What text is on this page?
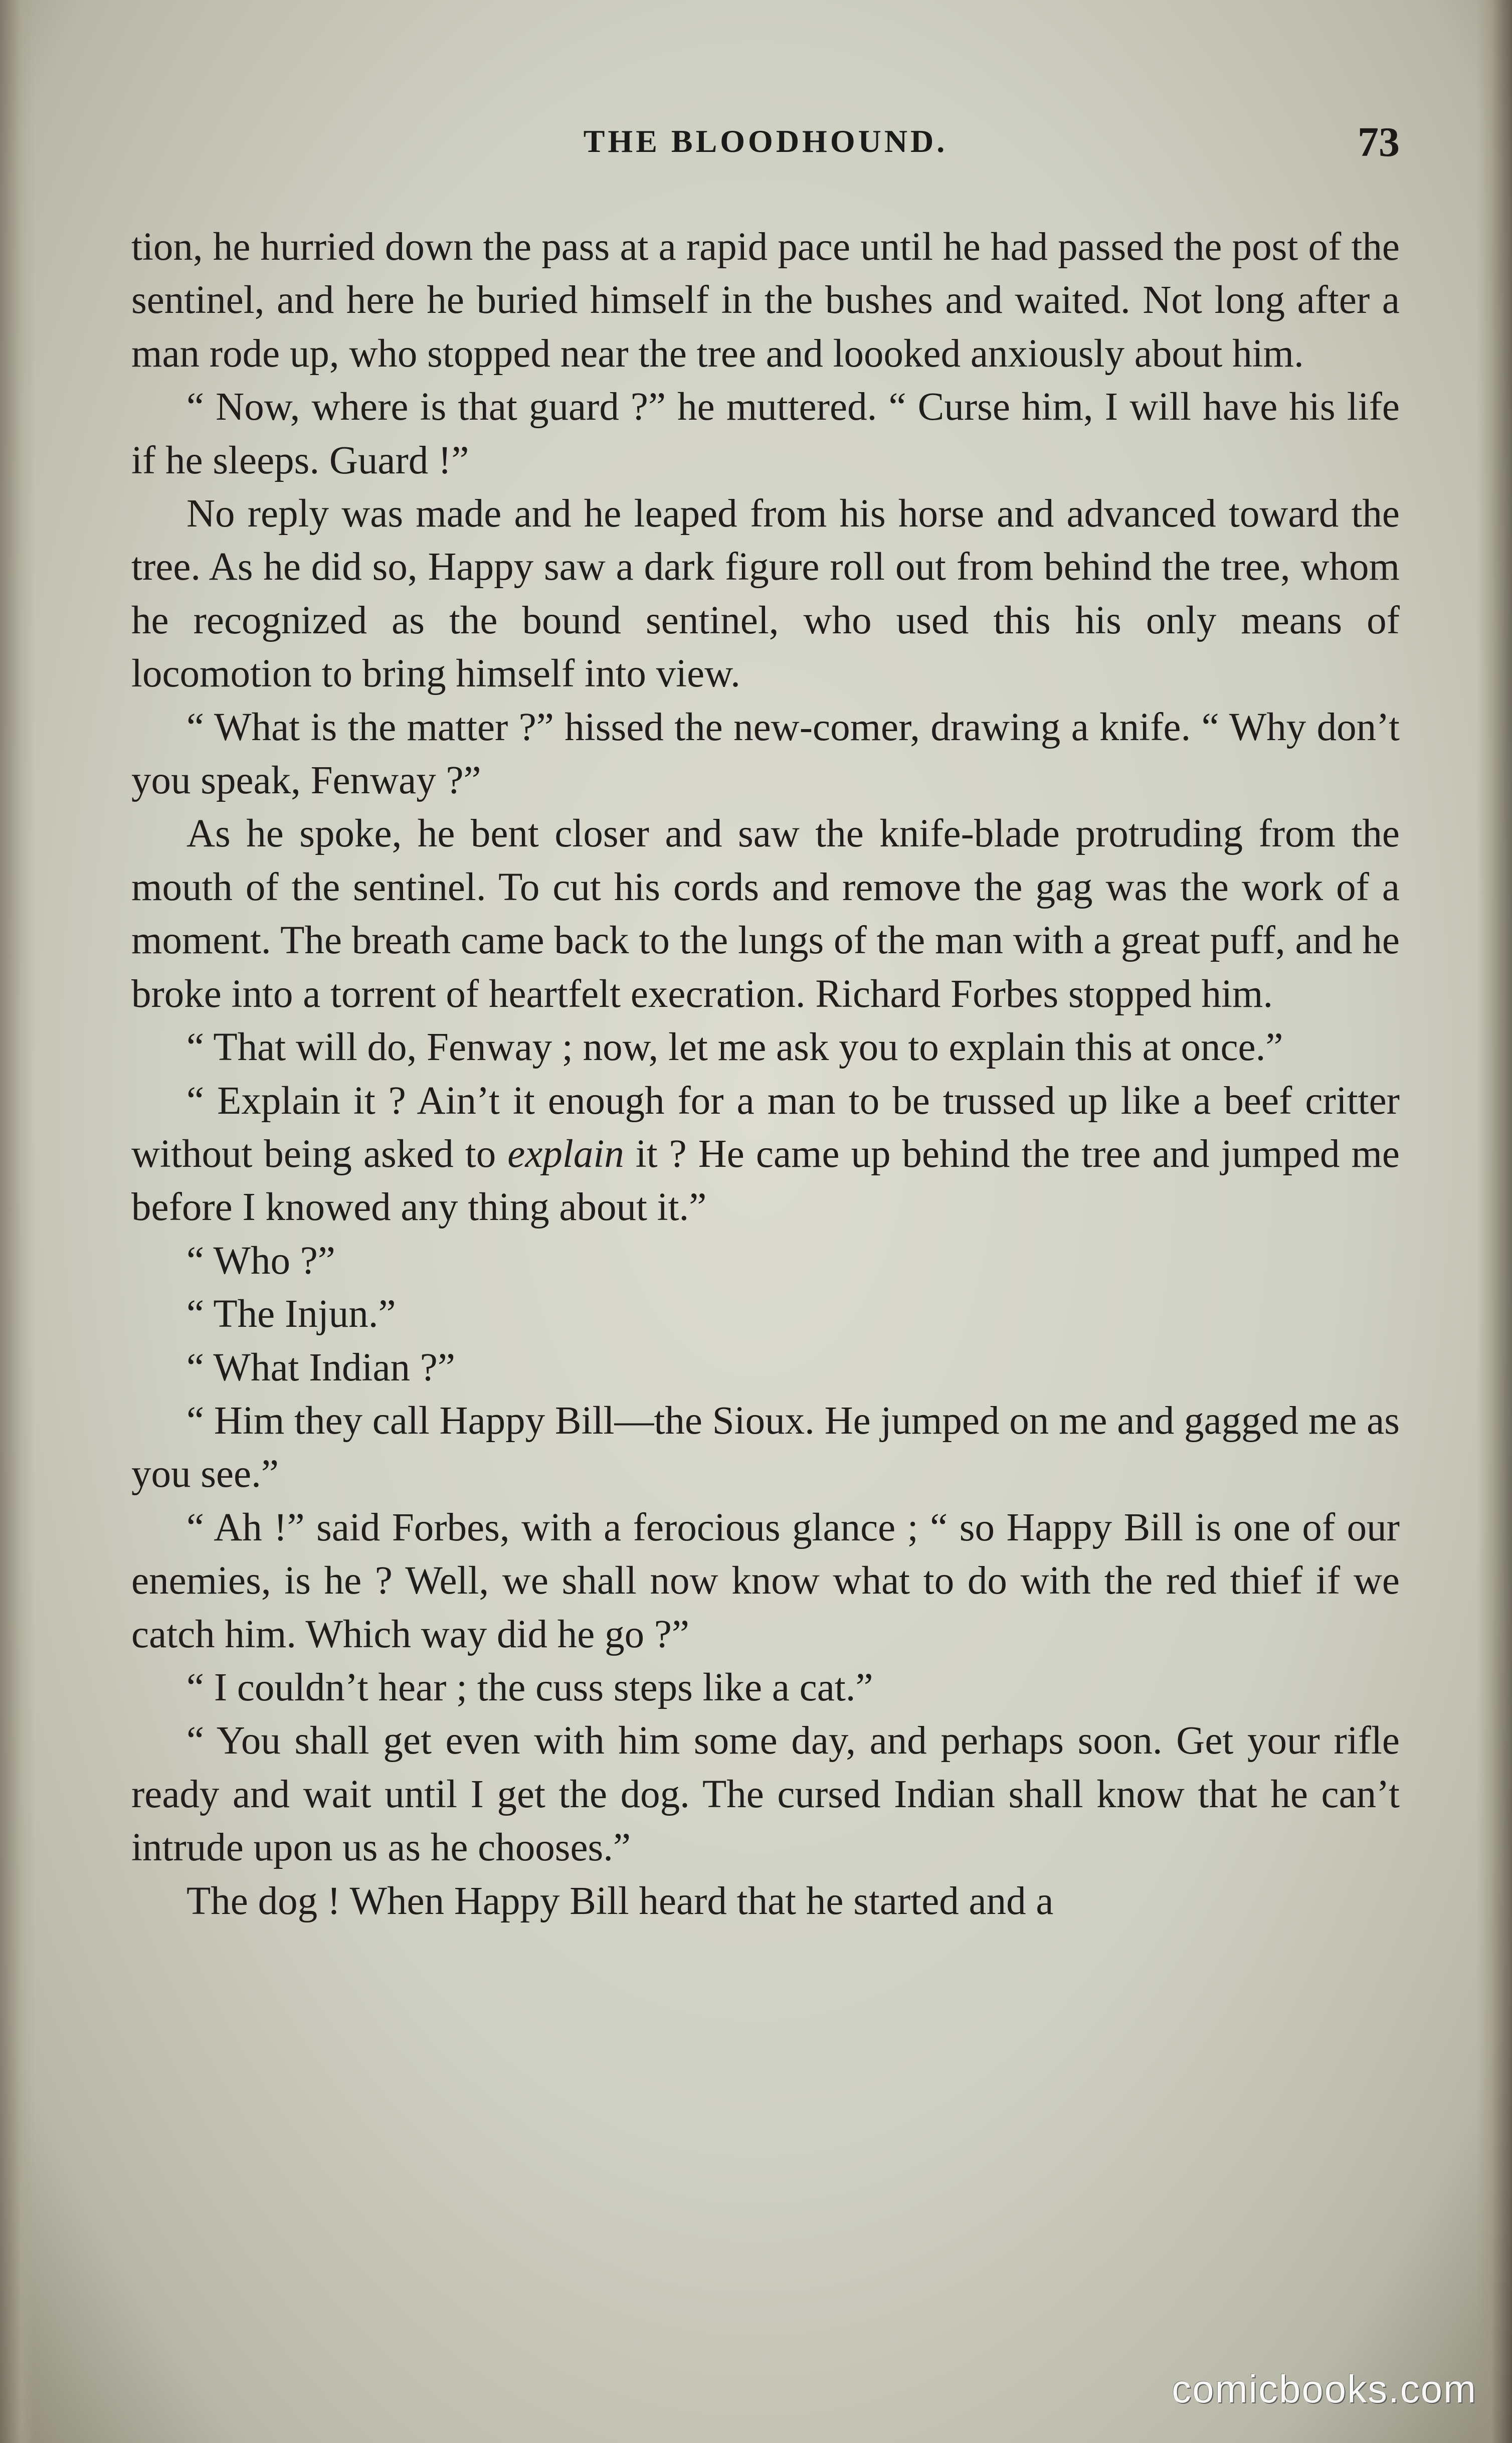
THE BLOODHOUND.	73

tion, he hurried down the pass at a rapid pace until he had passed the post of the sentinel, and here he buried himself in the bushes and waited. Not long after a man rode up, who stopped near the tree and loooked anxiously about him.

“ Now, where is that guard ?” he muttered. “ Curse him, I will have his life if he sleeps. Guard !”

No reply was made and he leaped from his horse and advanced toward the tree. As he did so, Happy saw a dark figure roll out from behind the tree, whom he recognized as the bound sentinel, who used this his only means of locomotion to bring himself into view.

“ What is the matter ?” hissed the new-comer, drawing a knife. “ Why don’t you speak, Fenway ?”

As he spoke, he bent closer and saw the knife-blade protruding from the mouth of the sentinel. To cut his cords and remove the gag was the work of a moment. The breath came back to the lungs of the man with a great puff, and he broke into a torrent of heartfelt execration. Richard Forbes stopped him.

“ That will do, Fenway ; now, let me ask you to explain this at once.”

“ Explain it ? Ain’t it enough for a man to be trussed up like a beef critter without being asked to explain it ? He came up behind the tree and jumped me before I knowed any thing about it.”

“ Who ?”

“ The Injun.”

“ What Indian ?”

“ Him they call Happy Bill—the Sioux. He jumped on me and gagged me as you see.”

“ Ah !” said Forbes, with a ferocious glance ; “ so Happy Bill is one of our enemies, is he ? Well, we shall now know what to do with the red thief if we catch him. Which way did he go ?”

“ I couldn’t hear ; the cuss steps like a cat.”

“ You shall get even with him some day, and perhaps soon. Get your rifle ready and wait until I get the dog. The cursed Indian shall know that he can’t intrude upon us as he chooses.”

The dog ! When Happy Bill heard that he started and a

comicbooks.com
